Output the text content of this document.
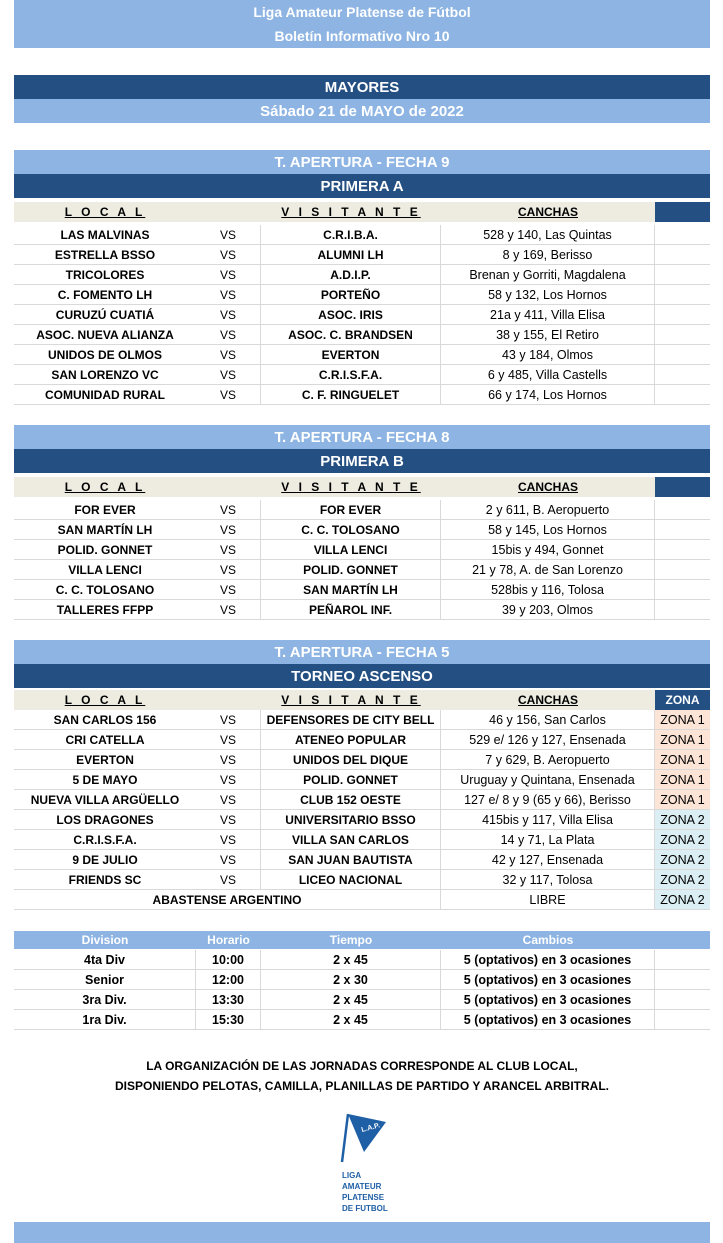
Liga Amateur Platense de Fútbol
Boletín Informativo Nro 10
MAYORES
Sábado 21 de MAYO de 2022
T. APERTURA - FECHA 9
PRIMERA A
L O C A L	V I S I T A N T E	CANCHAS
LAS MALVINAS	VS	C.R.I.B.A.	528 y 140, Las Quintas
ESTRELLA BSSO	VS	ALUMNI LH	8 y 169, Berisso
TRICOLORES	VS	A.D.I.P.	Brenan y Gorriti, Magdalena
C. FOMENTO LH	VS	PORTEÑO	58 y 132, Los Hornos
CURUZÚ CUATIÁ	VS	ASOC. IRIS	21a y 411, Villa Elisa
ASOC. NUEVA ALIANZA	VS	ASOC. C. BRANDSEN	38 y 155, El Retiro
UNIDOS DE OLMOS	VS	EVERTON	43 y 184, Olmos
SAN LORENZO VC	VS	C.R.I.S.F.A.	6 y 485, Villa Castells
COMUNIDAD RURAL	VS	C. F. RINGUELET	66 y 174, Los Hornos
T. APERTURA - FECHA 8
PRIMERA B
L O C A L	V I S I T A N T E	CANCHAS
FOR EVER	VS	FOR EVER	2 y 611, B. Aeropuerto
SAN MARTÍN LH	VS	C. C. TOLOSANO	58 y 145, Los Hornos
POLID. GONNET	VS	VILLA LENCI	15bis y 494, Gonnet
VILLA LENCI	VS	POLID. GONNET	21 y 78, A. de San Lorenzo
C. C. TOLOSANO	VS	SAN MARTÍN LH	528bis y 116, Tolosa
TALLERES FFPP	VS	PEÑAROL INF.	39 y 203, Olmos
T. APERTURA - FECHA 5
TORNEO ASCENSO
L O C A L	V I S I T A N T E	CANCHAS	ZONA
SAN CARLOS 156	VS	DEFENSORES DE CITY BELL	46 y 156, San Carlos	ZONA 1
CRI CATELLA	VS	ATENEO POPULAR	529 e/ 126 y 127, Ensenada	ZONA 1
EVERTON	VS	UNIDOS DEL DIQUE	7 y 629, B. Aeropuerto	ZONA 1
5 DE MAYO	VS	POLID. GONNET	Uruguay y Quintana, Ensenada	ZONA 1
NUEVA VILLA ARGÜELLO	VS	CLUB 152 OESTE	127 e/ 8 y 9 (65 y 66), Berisso	ZONA 1
LOS DRAGONES	VS	UNIVERSITARIO BSSO	415bis y 117, Villa Elisa	ZONA 2
C.R.I.S.F.A.	VS	VILLA SAN CARLOS	14 y 71, La Plata	ZONA 2
9 DE JULIO	VS	SAN JUAN BAUTISTA	42 y 127, Ensenada	ZONA 2
FRIENDS SC	VS	LICEO NACIONAL	32 y 117, Tolosa	ZONA 2
ABASTENSE ARGENTINO	LIBRE	ZONA 2
Division	Horario	Tiempo	Cambios
4ta Div	10:00	2 x 45	5 (optativos) en 3 ocasiones
Senior	12:00	2 x 30	5 (optativos) en 3 ocasiones
3ra Div.	13:30	2 x 45	5 (optativos) en 3 ocasiones
1ra Div.	15:30	2 x 45	5 (optativos) en 3 ocasiones
LA ORGANIZACIÓN DE LAS JORNADAS CORRESPONDE AL CLUB LOCAL,
DISPONIENDO PELOTAS, CAMILLA, PLANILLAS DE PARTIDO Y ARANCEL ARBITRAL.
L.A.P.
LIGA
AMATEUR
PLATENSE
DE FUTBOL
